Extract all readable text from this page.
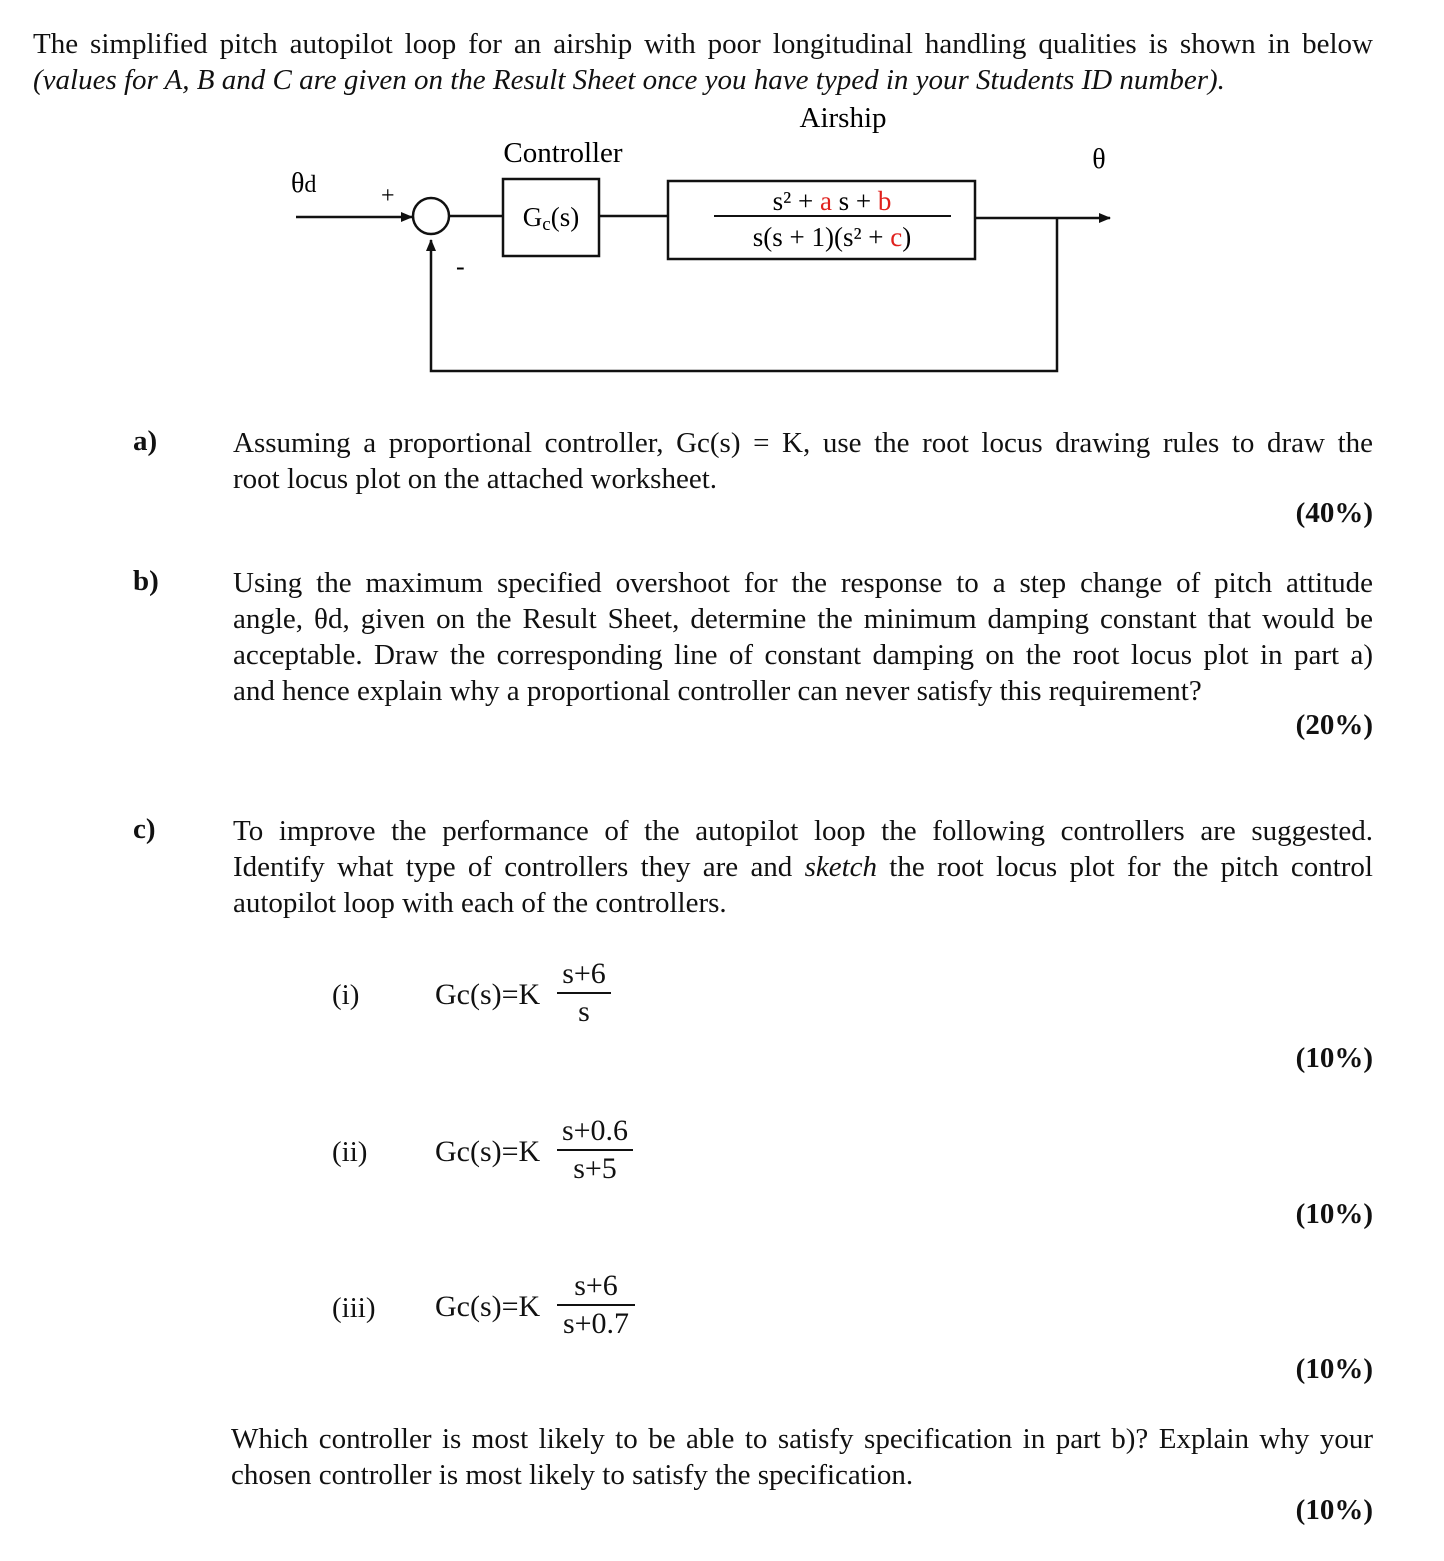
The simplified pitch autopilot loop for an airship with poor longitudinal handling qualities is shown in below
(values for A, B and C are given on the Result Sheet once you have typed in your Students ID number).
Airship
Controller	θ
θd	+
-
Gc(s)
s² + a s + b
s(s + 1)(s² + c)
a)	Assuming a proportional controller, Gc(s) = K, use the root locus drawing rules to draw the
root locus plot on the attached worksheet.
(40%)
b)	Using the maximum specified overshoot for the response to a step change of pitch attitude
angle, θd, given on the Result Sheet, determine the minimum damping constant that would be
acceptable. Draw the corresponding line of constant damping on the root locus plot in part a)
and hence explain why a proportional controller can never satisfy this requirement?
(20%)
c)	To improve the performance of the autopilot loop the following controllers are suggested.
Identify what type of controllers they are and sketch the root locus plot for the pitch control
autopilot loop with each of the controllers.
(i)	Gc(s)=K
s+6
s
(10%)
(ii) Gc(s)=K
s+0.6
s+5
(10%)
(iii) Gc(s)=K
s+6
s+0.7
(10%)
Which controller is most likely to be able to satisfy specification in part b)? Explain why your
chosen controller is most likely to satisfy the specification.
(10%)
